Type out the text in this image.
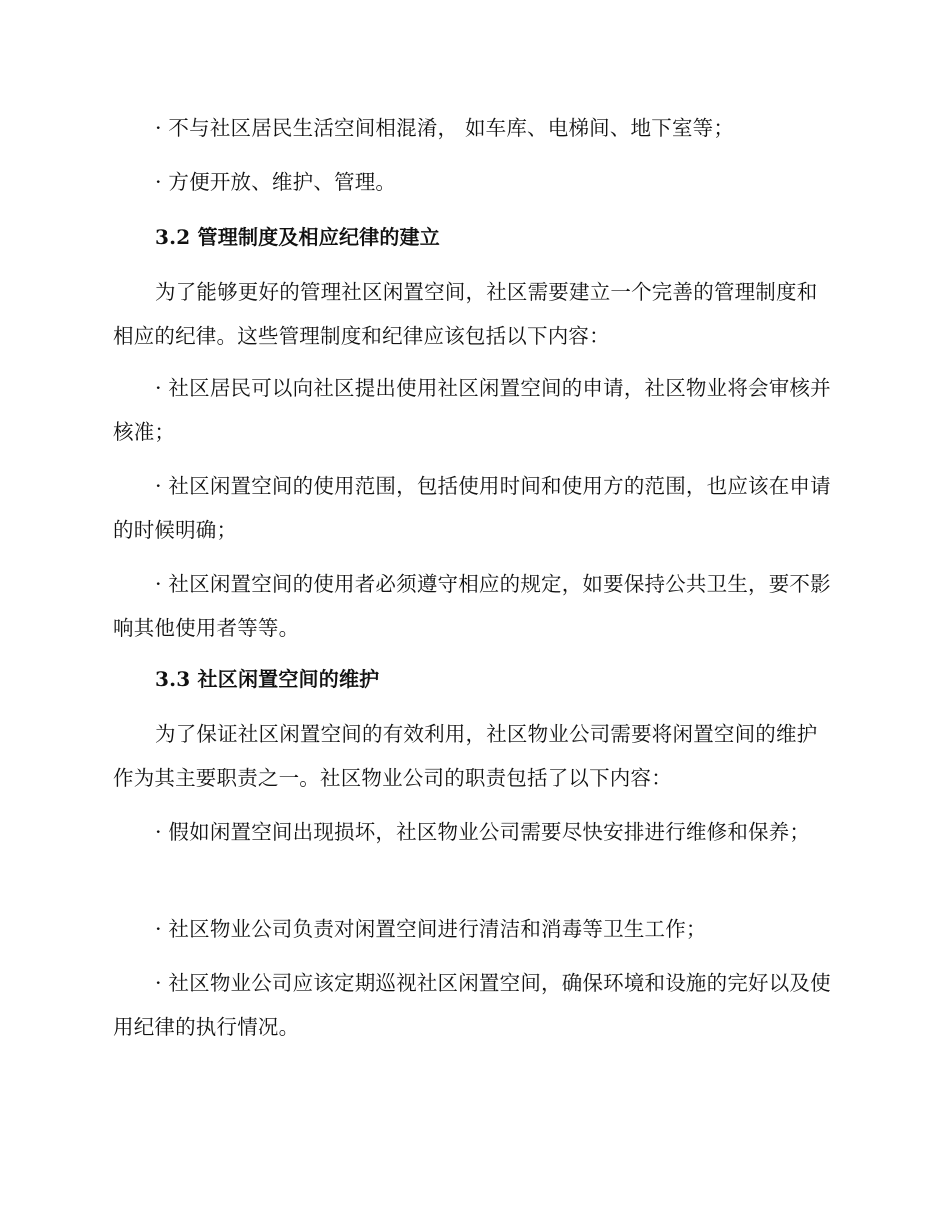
· 不与社区居民生活空间相混淆， 如车库、电梯间、地下室等；

· 方便开放、维护、管理。

3.2 管理制度及相应纪律的建立

为了能够更好的管理社区闲置空间，社区需要建立一个完善的管理制度和相应的纪律。这些管理制度和纪律应该包括以下内容：

· 社区居民可以向社区提出使用社区闲置空间的申请，社区物业将会审核并核准；

· 社区闲置空间的使用范围，包括使用时间和使用方的范围，也应该在申请的时候明确；

· 社区闲置空间的使用者必须遵守相应的规定，如要保持公共卫生，要不影响其他使用者等等。

3.3 社区闲置空间的维护

为了保证社区闲置空间的有效利用，社区物业公司需要将闲置空间的维护作为其主要职责之一。社区物业公司的职责包括了以下内容：

· 假如闲置空间出现损坏，社区物业公司需要尽快安排进行维修和保养；

· 社区物业公司负责对闲置空间进行清洁和消毒等卫生工作；

· 社区物业公司应该定期巡视社区闲置空间，确保环境和设施的完好以及使用纪律的执行情况。
